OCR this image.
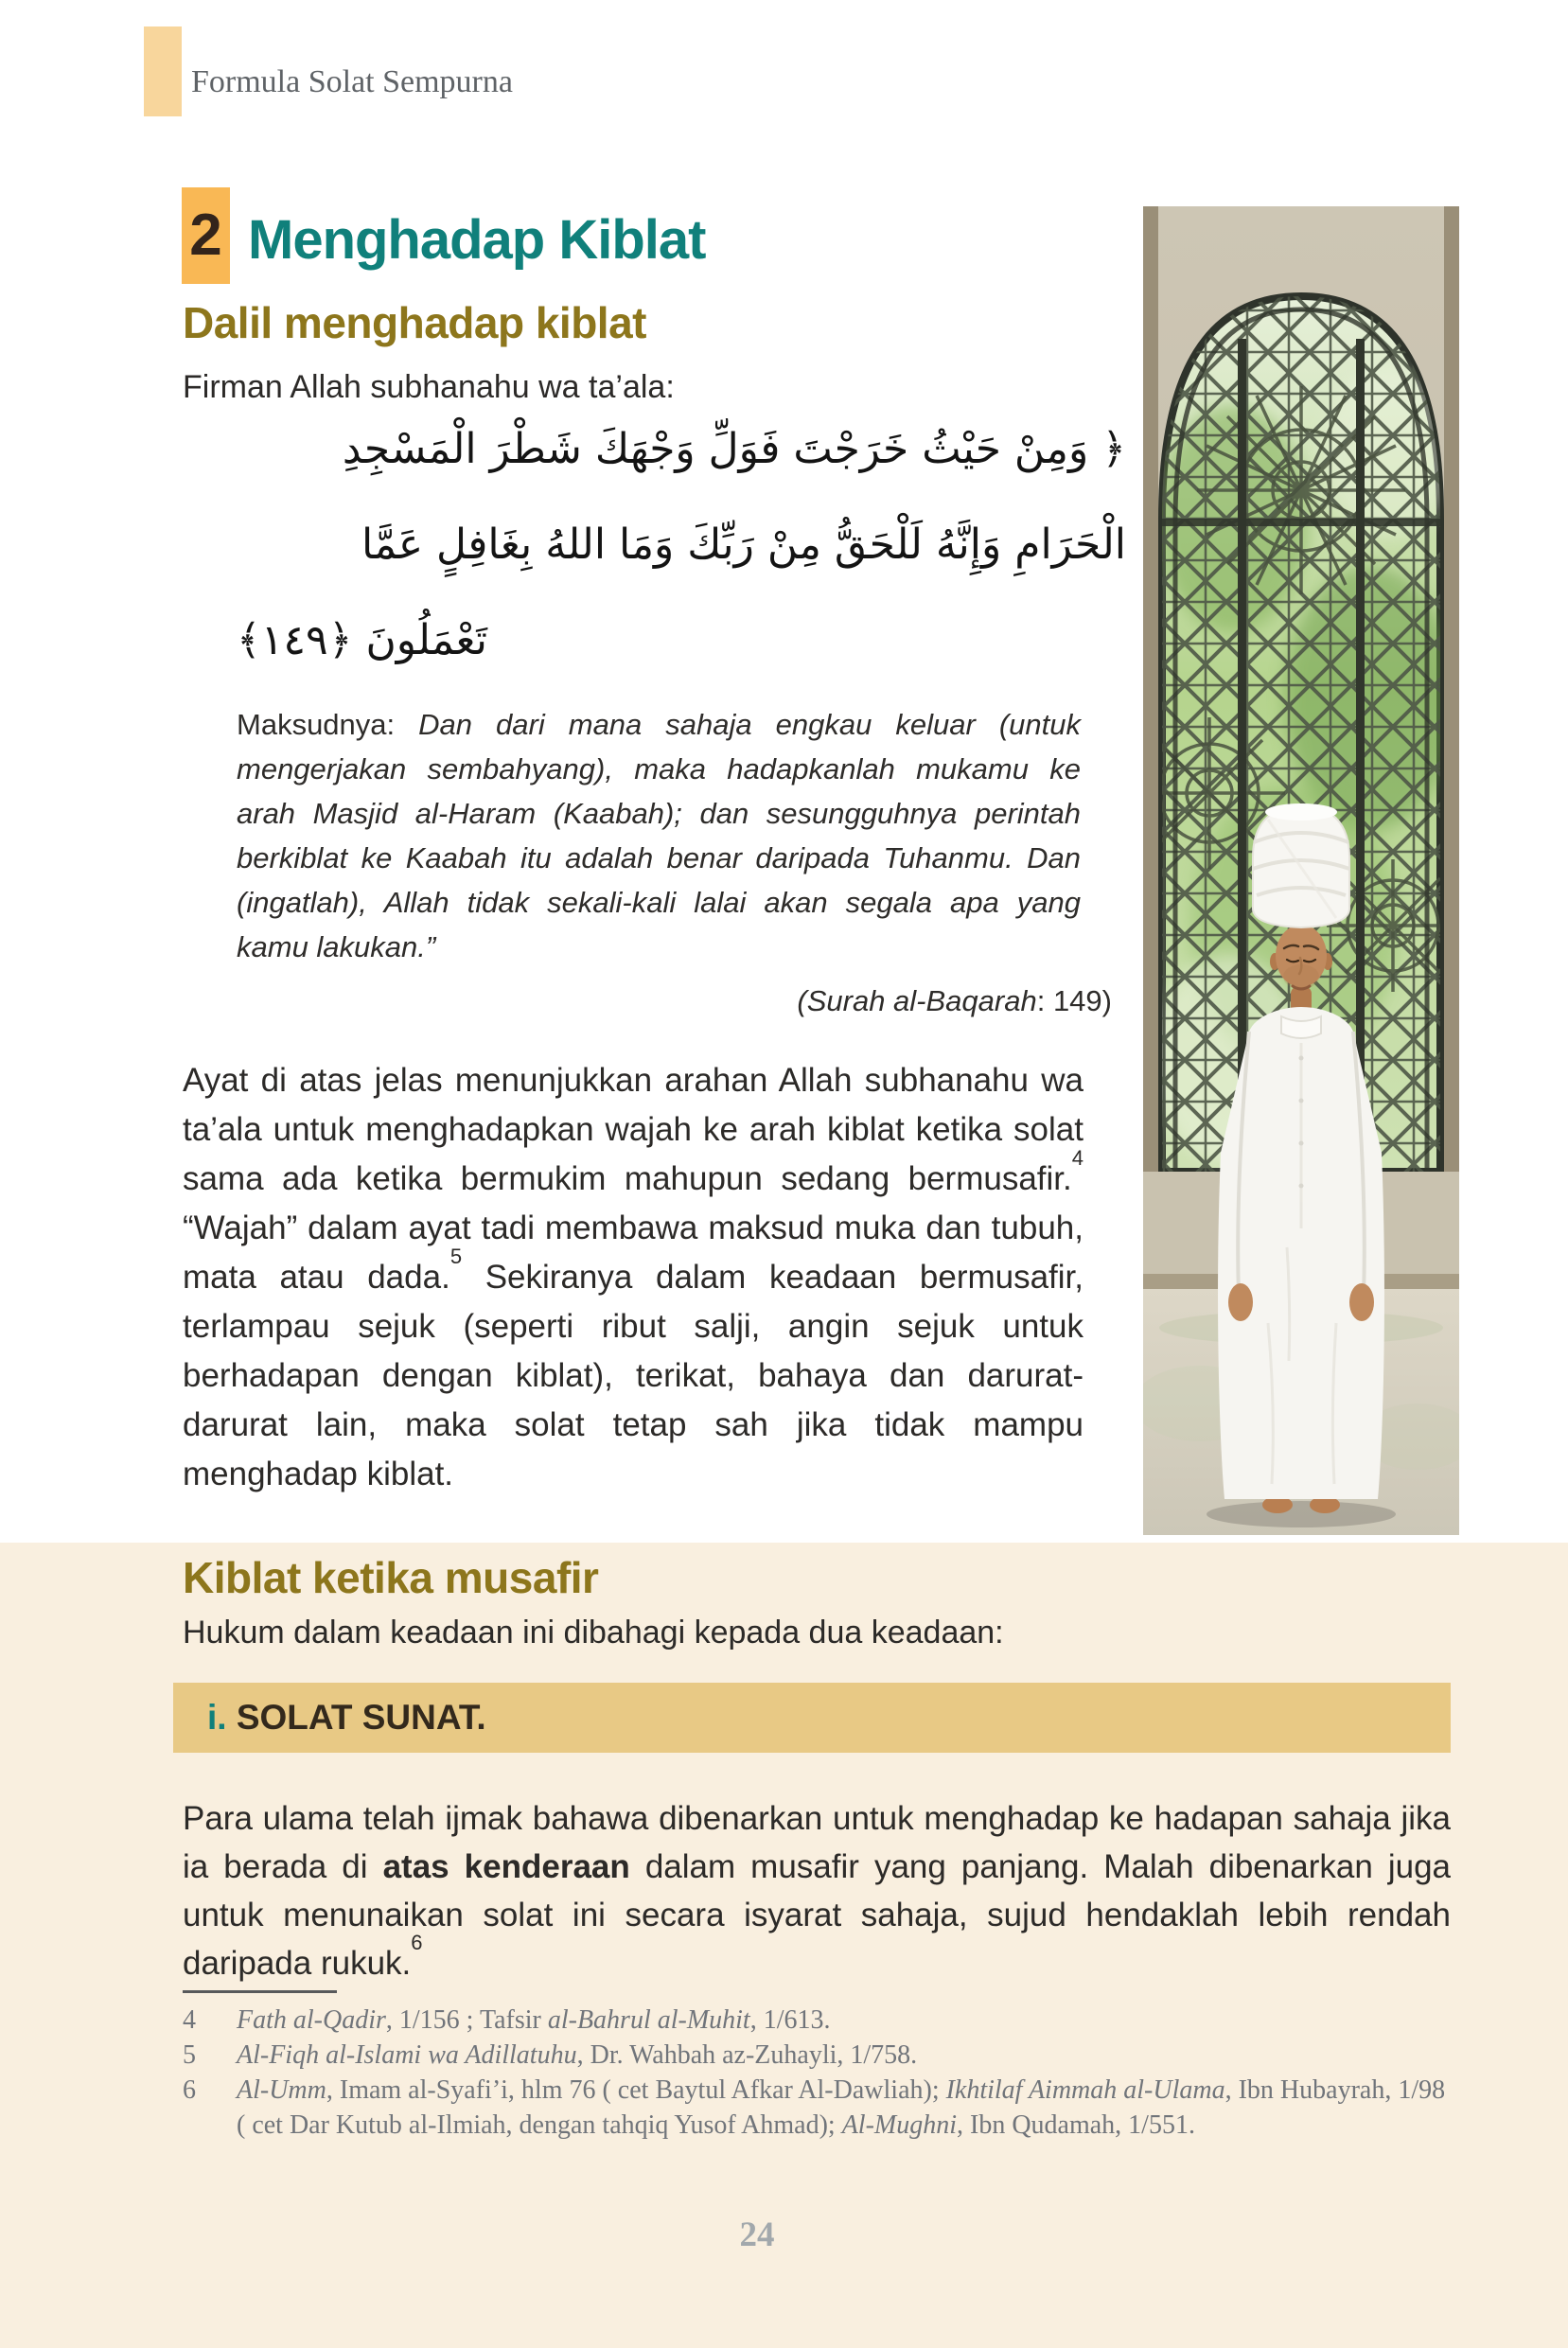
Formula Solat Sempurna
2 Menghadap Kiblat
Dalil menghadap kiblat
Firman Allah subhanahu wa ta’ala:
﴿ وَمِنْ حَيْثُ خَرَجْتَ فَوَلِّ وَجْهَكَ شَطْرَ الْمَسْجِدِ
الْحَرَامِ وَإِنَّهُ لَلْحَقُّ مِنْ رَبِّكَ وَمَا اللهُ بِغَافِلٍ عَمَّا
تَعْمَلُونَ ﴿١٤٩﴾
Maksudnya: Dan dari mana sahaja engkau keluar (untuk mengerjakan sembahyang), maka hadapkanlah mukamu ke arah Masjid al-Haram (Kaabah); dan sesungguhnya perintah berkiblat ke Kaabah itu adalah benar daripada Tuhanmu. Dan (ingatlah), Allah tidak sekali-kali lalai akan segala apa yang kamu lakukan.”
(Surah al-Baqarah: 149)
Ayat di atas jelas menunjukkan arahan Allah subhanahu wa ta’ala untuk menghadapkan wajah ke arah kiblat ketika solat sama ada ketika bermukim mahupun sedang bermusafir.$^4$ “Wajah” dalam ayat tadi membawa maksud muka dan tubuh, mata atau dada.$^5$ Sekiranya dalam keadaan bermusafir, terlampau sejuk (seperti ribut salji, angin sejuk untuk berhadapan dengan kiblat), terikat, bahaya dan darurat-darurat lain, maka solat tetap sah jika tidak mampu menghadap kiblat.
Kiblat ketika musafir
Hukum dalam keadaan ini dibahagi kepada dua keadaan:
i. SOLAT SUNAT.
Para ulama telah ijmak bahawa dibenarkan untuk menghadap ke hadapan sahaja jika ia berada di atas kenderaan dalam musafir yang panjang. Malah dibenarkan juga untuk menunaikan solat ini secara isyarat sahaja, sujud hendaklah lebih rendah daripada rukuk.$^6$
4	Fath al-Qadir, 1/156 ; Tafsir al-Bahrul al-Muhit, 1/613.
5	Al-Fiqh al-Islami wa Adillatuhu, Dr. Wahbah az-Zuhayli, 1/758.
6	Al-Umm, Imam al-Syafi’i, hlm 76 ( cet Baytul Afkar Al-Dawliah); Ikhtilaf Aimmah al-Ulama, Ibn Hubayrah, 1/98 ( cet Dar Kutub al-Ilmiah, dengan tahqiq Yusof Ahmad); Al-Mughni, Ibn Qudamah, 1/551.
24
